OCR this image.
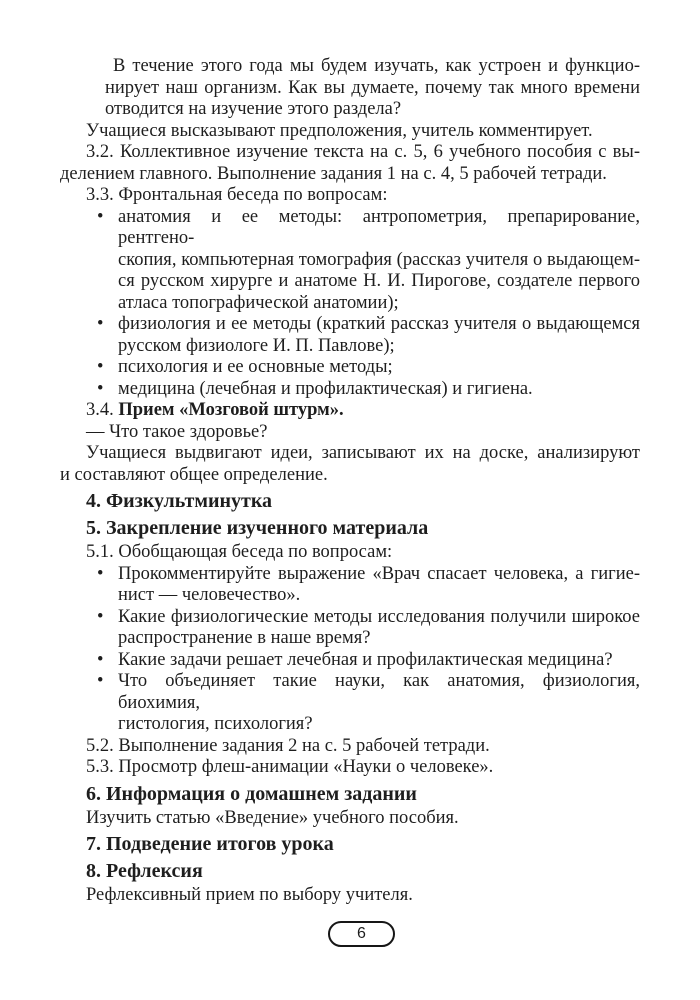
В течение этого года мы будем изучать, как устроен и функцио-
нирует наш организм. Как вы думаете, почему так много времени
отводится на изучение этого раздела?
Учащиеся высказывают предположения, учитель комментирует.
3.2. Коллективное изучение текста на с. 5, 6 учебного пособия с вы-
делением главного. Выполнение задания 1 на с. 4, 5 рабочей тетради.
3.3. Фронтальная беседа по вопросам:
• анатомия и ее методы: антропометрия, препарирование, рентгено-
скопия, компьютерная томография (рассказ учителя о выдающем-
ся русском хирурге и анатоме Н. И. Пирогове, создателе первого
атласа топографической анатомии);
• физиология и ее методы (краткий рассказ учителя о выдающемся
русском физиологе И. П. Павлове);
• психология и ее основные методы;
• медицина (лечебная и профилактическая) и гигиена.
3.4. Прием «Мозговой штурм».
— Что такое здоровье?
Учащиеся выдвигают идеи, записывают их на доске, анализируют
и составляют общее определение.
4. Физкультминутка
5. Закрепление изученного материала
5.1. Обобщающая беседа по вопросам:
• Прокомментируйте выражение «Врач спасает человека, а гигие-
нист — человечество».
• Какие физиологические методы исследования получили широкое
распространение в наше время?
• Какие задачи решает лечебная и профилактическая медицина?
• Что объединяет такие науки, как анатомия, физиология, биохимия,
гистология, психология?
5.2. Выполнение задания 2 на с. 5 рабочей тетради.
5.3. Просмотр флеш-анимации «Науки о человеке».
6. Информация о домашнем задании
Изучить статью «Введение» учебного пособия.
7. Подведение итогов урока
8. Рефлексия
Рефлексивный прием по выбору учителя.
6
